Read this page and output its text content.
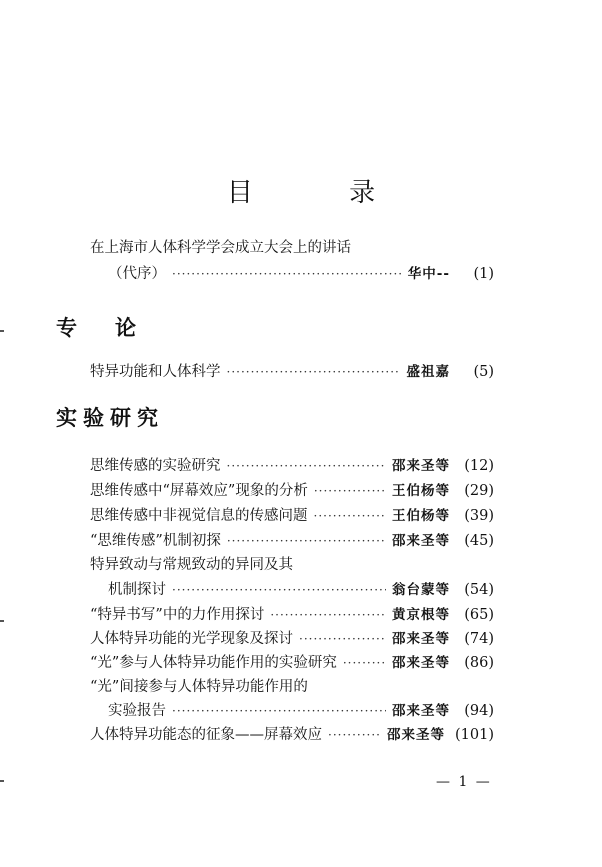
目 录
在上海市人体科学学会成立大会上的讲话
（代序） ·····	华中--	(1)
专论
特异功能和人体科学 ·····	盛祖嘉	(5)
实验研究
思维传感的实验研究 ·····	邵来圣等 (12)
思维传感中“屏幕效应”现象的分析 ·····	王伯杨等 (29)
思维传感中非视觉信息的传感问题 ·····	王伯杨等 (39)
“思维传感”机制初探 ·····	邵来圣等 (45)
特异致动与常规致动的异同及其
机制探讨 ·····	翁台蒙等 (54)
“特异书写”中的力作用探讨 ·····	黄京根等 (65)
人体特异功能的光学现象及探讨 ·····	邵来圣等 (74)
“光”参与人体特异功能作用的实验研究 ·····	邵来圣等 (86)
“光”间接参与人体特异功能作用的
实验报告 ·····	邵来圣等 (94)
人体特异功能态的征象——屏幕效应 ·····	邵来圣等 (101)
— 1 —
